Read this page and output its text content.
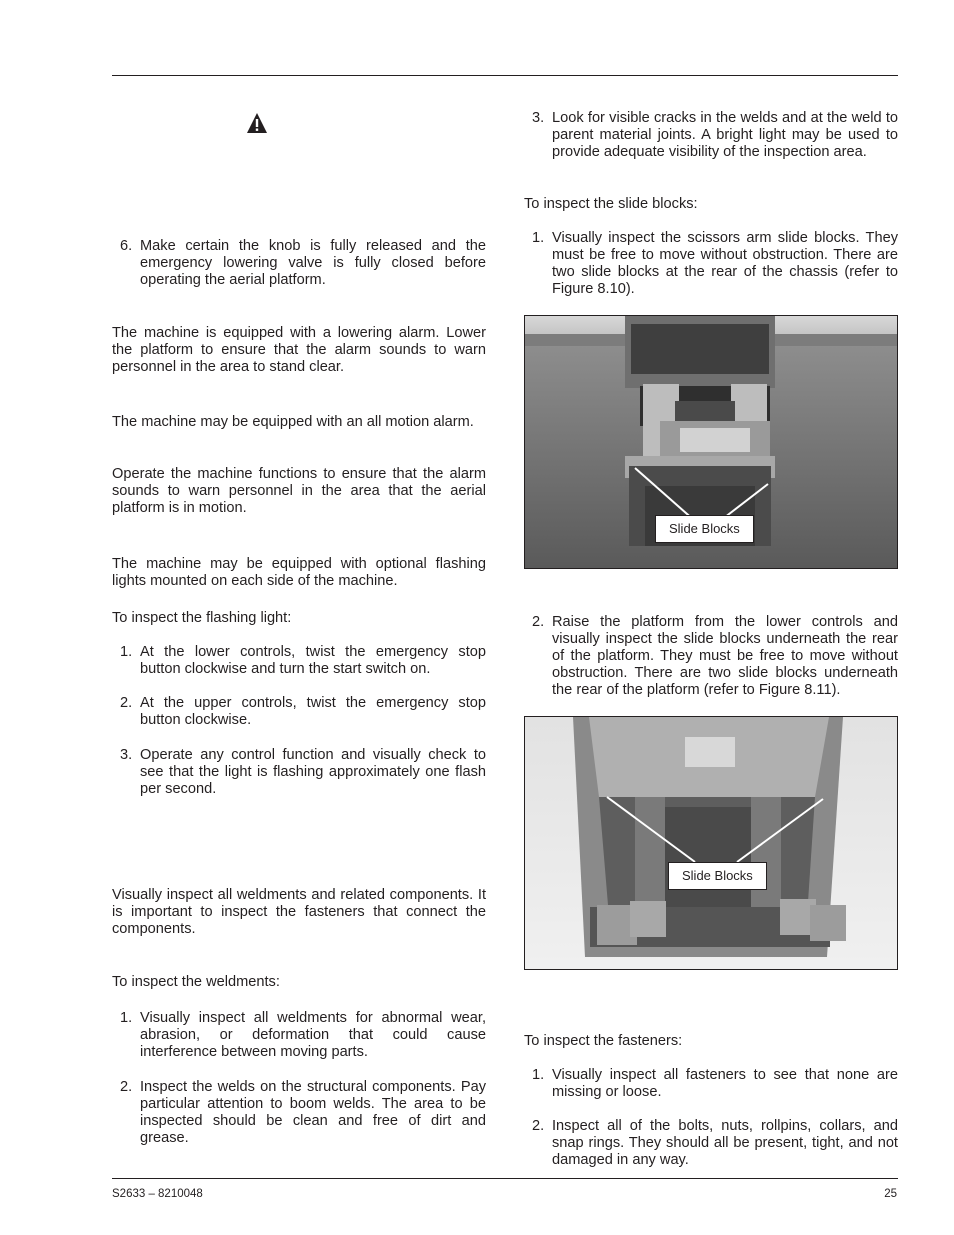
6. Make certain the knob is fully released and the emergency lowering valve is fully closed before operating the aerial platform.
The machine is equipped with a lowering alarm. Lower the platform to ensure that the alarm sounds to warn personnel in the area to stand clear.
The machine may be equipped with an all motion alarm.
Operate the machine functions to ensure that the alarm sounds to warn personnel in the area that the aerial platform is in motion.
The machine may be equipped with optional flashing lights mounted on each side of the machine.
To inspect the flashing light:
1. At the lower controls, twist the emergency stop button clockwise and turn the start switch on.
2. At the upper controls, twist the emergency stop button clockwise.
3. Operate any control function and visually check to see that the light is flashing approximately one flash per second.
Visually inspect all weldments and related components. It is important to inspect the fasteners that connect the components.
To inspect the weldments:
1. Visually inspect all weldments for abnormal wear, abrasion, or deformation that could cause interference between moving parts.
2. Inspect the welds on the structural components. Pay particular attention to boom welds. The area to be inspected should be clean and free of dirt and grease.
3. Look for visible cracks in the welds and at the weld to parent material joints. A bright light may be used to provide adequate visibility of the inspection area.
To inspect the slide blocks:
1. Visually inspect the scissors arm slide blocks. They must be free to move without obstruction. There are two slide blocks at the rear of the chassis (refer to Figure 8.10).
2. Raise the platform from the lower controls and visually inspect the slide blocks underneath the rear of the platform. They must be free to move without obstruction. There are two slide blocks underneath the rear of the platform (refer to Figure 8.11).
To inspect the fasteners:
1. Visually inspect all fasteners to see that none are missing or loose.
2. Inspect all of the bolts, nuts, rollpins, collars, and snap rings. They should all be present, tight, and not damaged in any way.
Slide Blocks
Slide Blocks
S2633 – 8210048	25
